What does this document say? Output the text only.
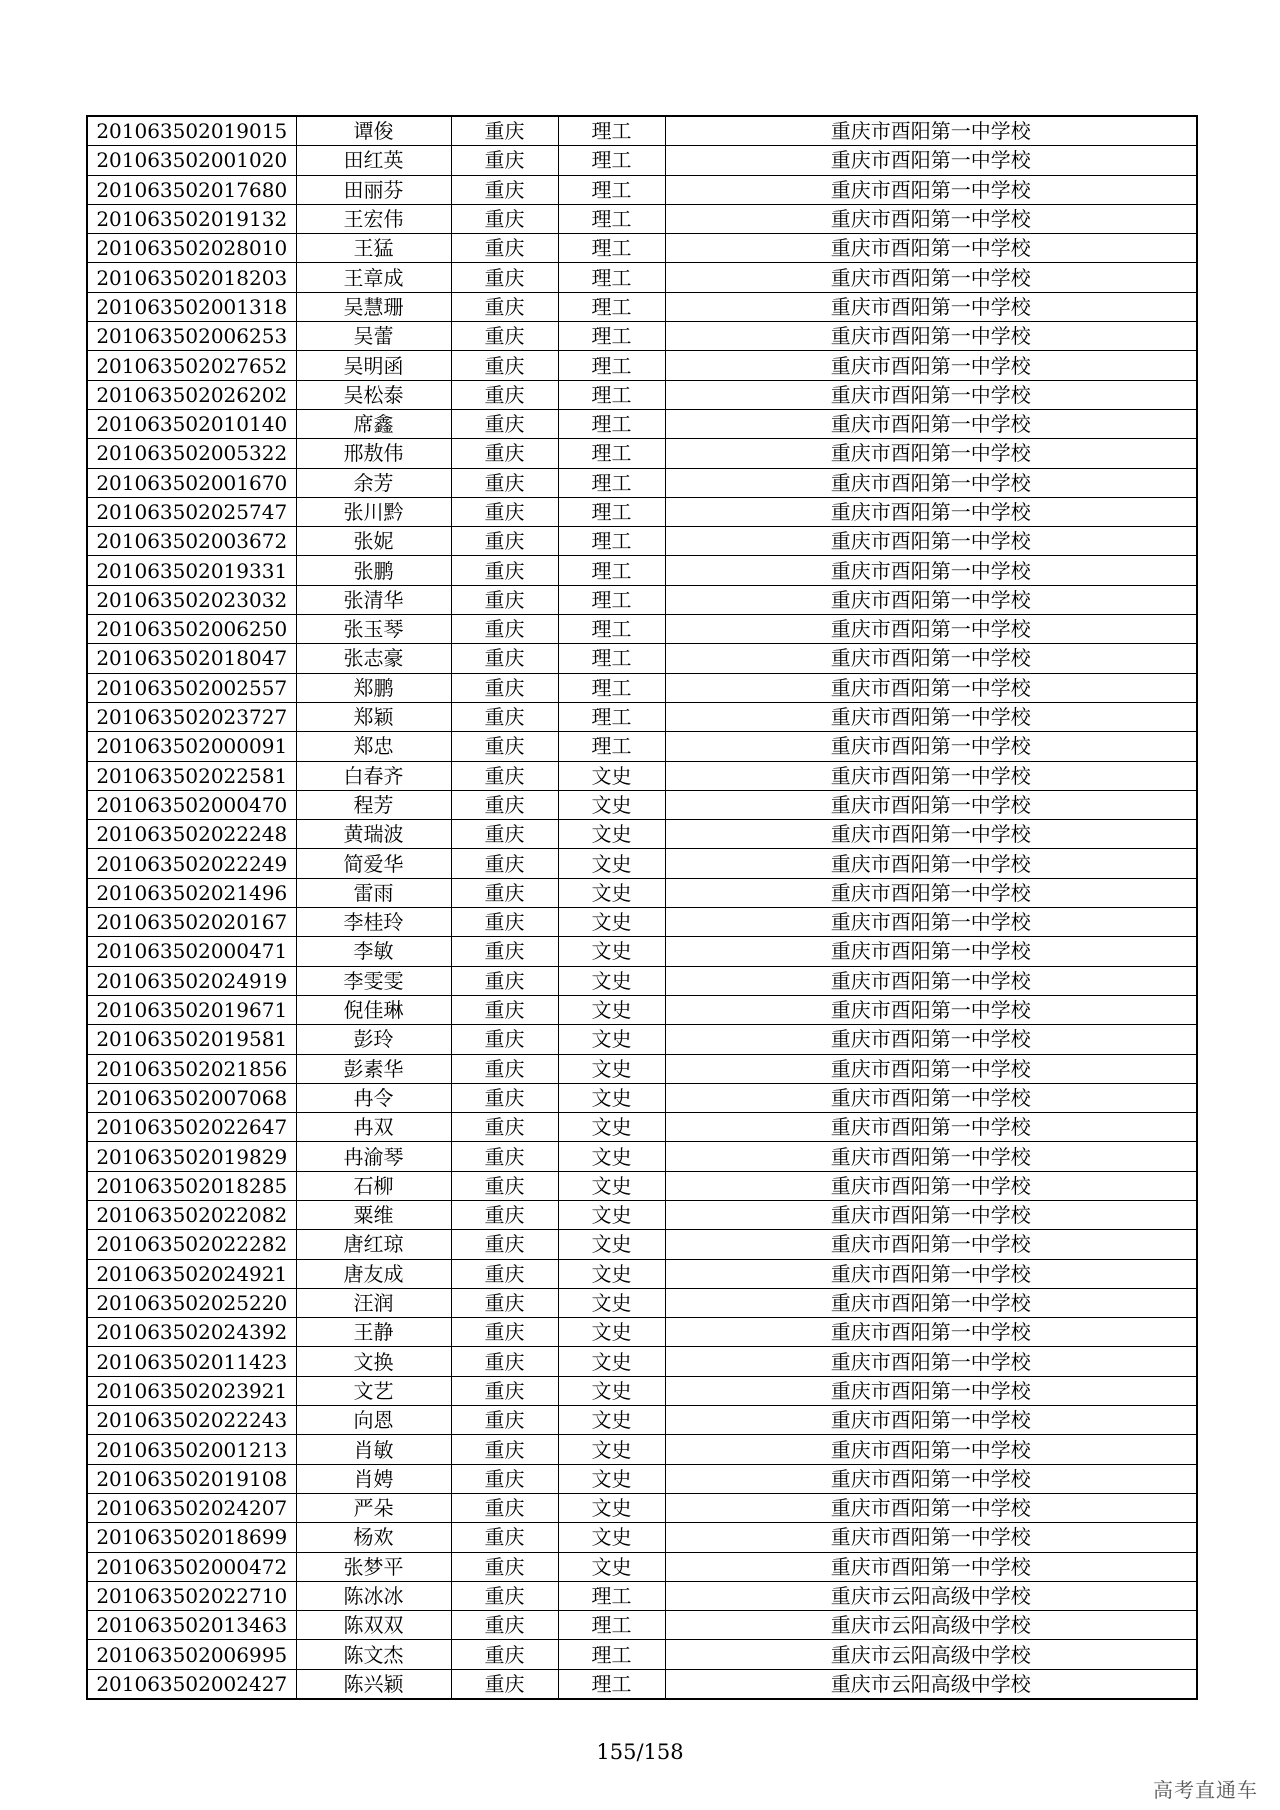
201063502019015	谭俊	重庆	理工	重庆市酉阳第一中学校
201063502001020	田红英	重庆	理工	重庆市酉阳第一中学校
201063502017680	田丽芬	重庆	理工	重庆市酉阳第一中学校
201063502019132	王宏伟	重庆	理工	重庆市酉阳第一中学校
201063502028010	王猛	重庆	理工	重庆市酉阳第一中学校
201063502018203	王章成	重庆	理工	重庆市酉阳第一中学校
201063502001318	吴慧珊	重庆	理工	重庆市酉阳第一中学校
201063502006253	吴蕾	重庆	理工	重庆市酉阳第一中学校
201063502027652	吴明函	重庆	理工	重庆市酉阳第一中学校
201063502026202	吴松泰	重庆	理工	重庆市酉阳第一中学校
201063502010140	席鑫	重庆	理工	重庆市酉阳第一中学校
201063502005322	邢敖伟	重庆	理工	重庆市酉阳第一中学校
201063502001670	余芳	重庆	理工	重庆市酉阳第一中学校
201063502025747	张川黔	重庆	理工	重庆市酉阳第一中学校
201063502003672	张妮	重庆	理工	重庆市酉阳第一中学校
201063502019331	张鹏	重庆	理工	重庆市酉阳第一中学校
201063502023032	张清华	重庆	理工	重庆市酉阳第一中学校
201063502006250	张玉琴	重庆	理工	重庆市酉阳第一中学校
201063502018047	张志豪	重庆	理工	重庆市酉阳第一中学校
201063502002557	郑鹏	重庆	理工	重庆市酉阳第一中学校
201063502023727	郑颖	重庆	理工	重庆市酉阳第一中学校
201063502000091	郑忠	重庆	理工	重庆市酉阳第一中学校
201063502022581	白春齐	重庆	文史	重庆市酉阳第一中学校
201063502000470	程芳	重庆	文史	重庆市酉阳第一中学校
201063502022248	黄瑞波	重庆	文史	重庆市酉阳第一中学校
201063502022249	简爱华	重庆	文史	重庆市酉阳第一中学校
201063502021496	雷雨	重庆	文史	重庆市酉阳第一中学校
201063502020167	李桂玲	重庆	文史	重庆市酉阳第一中学校
201063502000471	李敏	重庆	文史	重庆市酉阳第一中学校
201063502024919	李雯雯	重庆	文史	重庆市酉阳第一中学校
201063502019671	倪佳琳	重庆	文史	重庆市酉阳第一中学校
201063502019581	彭玲	重庆	文史	重庆市酉阳第一中学校
201063502021856	彭素华	重庆	文史	重庆市酉阳第一中学校
201063502007068	冉令	重庆	文史	重庆市酉阳第一中学校
201063502022647	冉双	重庆	文史	重庆市酉阳第一中学校
201063502019829	冉渝琴	重庆	文史	重庆市酉阳第一中学校
201063502018285	石柳	重庆	文史	重庆市酉阳第一中学校
201063502022082	粟维	重庆	文史	重庆市酉阳第一中学校
201063502022282	唐红琼	重庆	文史	重庆市酉阳第一中学校
201063502024921	唐友成	重庆	文史	重庆市酉阳第一中学校
201063502025220	汪润	重庆	文史	重庆市酉阳第一中学校
201063502024392	王静	重庆	文史	重庆市酉阳第一中学校
201063502011423	文换	重庆	文史	重庆市酉阳第一中学校
201063502023921	文艺	重庆	文史	重庆市酉阳第一中学校
201063502022243	向恩	重庆	文史	重庆市酉阳第一中学校
201063502001213	肖敏	重庆	文史	重庆市酉阳第一中学校
201063502019108	肖娉	重庆	文史	重庆市酉阳第一中学校
201063502024207	严朵	重庆	文史	重庆市酉阳第一中学校
201063502018699	杨欢	重庆	文史	重庆市酉阳第一中学校
201063502000472	张梦平	重庆	文史	重庆市酉阳第一中学校
201063502022710	陈冰冰	重庆	理工	重庆市云阳高级中学校
201063502013463	陈双双	重庆	理工	重庆市云阳高级中学校
201063502006995	陈文杰	重庆	理工	重庆市云阳高级中学校
201063502002427	陈兴颖	重庆	理工	重庆市云阳高级中学校
155/158
高考直通车
